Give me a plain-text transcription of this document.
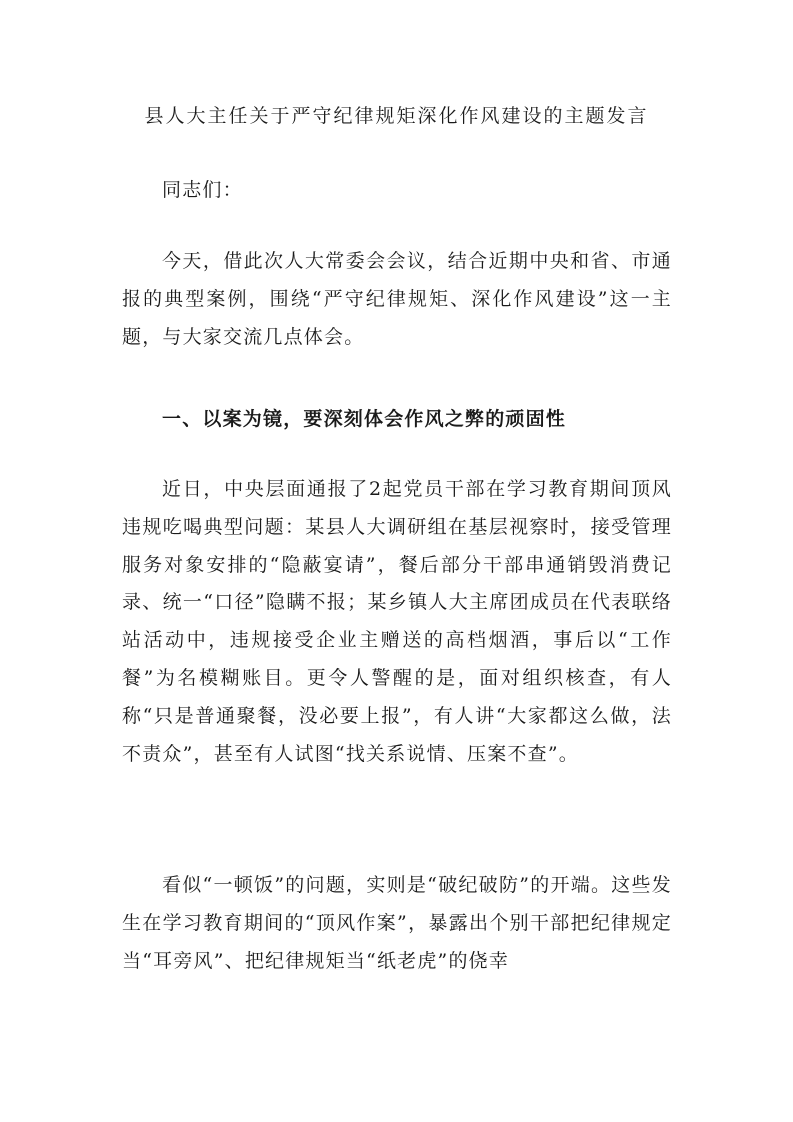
县人大主任关于严守纪律规矩深化作风建设的主题发言

同志们：

今天，借此次人大常委会会议，结合近期中央和省、市通报的典型案例，围绕“严守纪律规矩、深化作风建设”这一主题，与大家交流几点体会。

一、以案为镜，要深刻体会作风之弊的顽固性

近日，中央层面通报了2起党员干部在学习教育期间顶风违规吃喝典型问题：某县人大调研组在基层视察时，接受管理服务对象安排的“隐蔽宴请”，餐后部分干部串通销毁消费记录、统一“口径”隐瞒不报；某乡镇人大主席团成员在代表联络站活动中，违规接受企业主赠送的高档烟酒，事后以“工作餐”为名模糊账目。更令人警醒的是，面对组织核查，有人称“只是普通聚餐，没必要上报”，有人讲“大家都这么做，法不责众”，甚至有人试图“找关系说情、压案不查”。

看似“一顿饭”的问题，实则是“破纪破防”的开端。这些发生在学习教育期间的“顶风作案”，暴露出个别干部把纪律规定当“耳旁风”、把纪律规矩当“纸老虎”的侥幸
